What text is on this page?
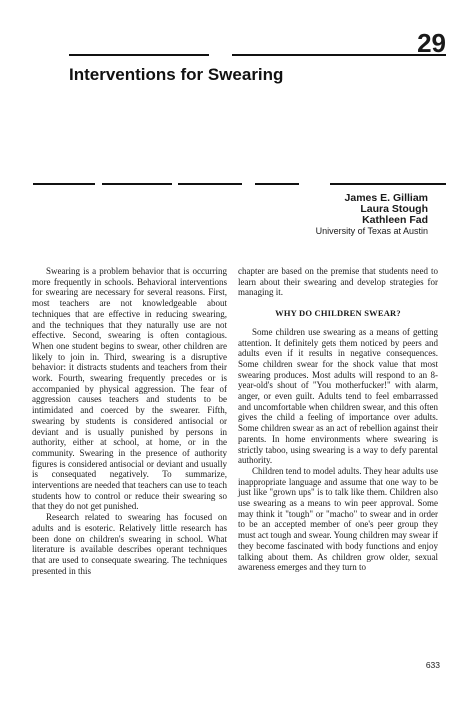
29
Interventions for Swearing
James E. Gilliam
Laura Stough
Kathleen Fad
University of Texas at Austin

Swearing is a problem behavior that is occurring more frequently in schools. Behavioral interventions for swearing are necessary for several reasons. First, most teachers are not knowledgeable about techniques that are effective in reducing swearing, and the techniques that they naturally use are not effective. Second, swearing is often contagious. When one student begins to swear, other children are likely to join in. Third, swearing is a disruptive behavior: it distracts students and teachers from their work. Fourth, swearing frequently precedes or is accompanied by physical aggression. The fear of aggression causes teachers and students to be intimidated and coerced by the swearer. Fifth, swearing by students is considered antisocial or deviant and is usually punished by persons in authority, either at school, at home, or in the community. Swearing in the presence of authority figures is considered antisocial or deviant and usually is consequated negatively. To summarize, interventions are needed that teachers can use to teach students how to control or reduce their swearing so that they do not get punished.

Research related to swearing has focused on adults and is esoteric. Relatively little research has been done on children's swearing in school. What literature is available describes operant techniques that are used to consequate swearing. The techniques presented in this

chapter are based on the premise that students need to learn about their swearing and develop strategies for managing it.

WHY DO CHILDREN SWEAR?

Some children use swearing as a means of getting attention. It definitely gets them noticed by peers and adults even if it results in negative consequences. Some children swear for the shock value that most swearing produces. Most adults will respond to an 8-year-old's shout of "You motherfucker!" with alarm, anger, or even guilt. Adults tend to feel embarrassed and uncomfortable when children swear, and this often gives the child a feeling of importance over adults. Some children swear as an act of rebellion against their parents. In home environments where swearing is strictly taboo, using swearing is a way to defy parental authority.

Children tend to model adults. They hear adults use inappropriate language and assume that one way to be just like "grown ups" is to talk like them. Children also use swearing as a means to win peer approval. Some may think it "tough" or "macho" to swear and in order to be an accepted member of one's peer group they must act tough and swear. Young children may swear if they become fascinated with body functions and enjoy talking about them. As children grow older, sexual awareness emerges and they turn to

633
